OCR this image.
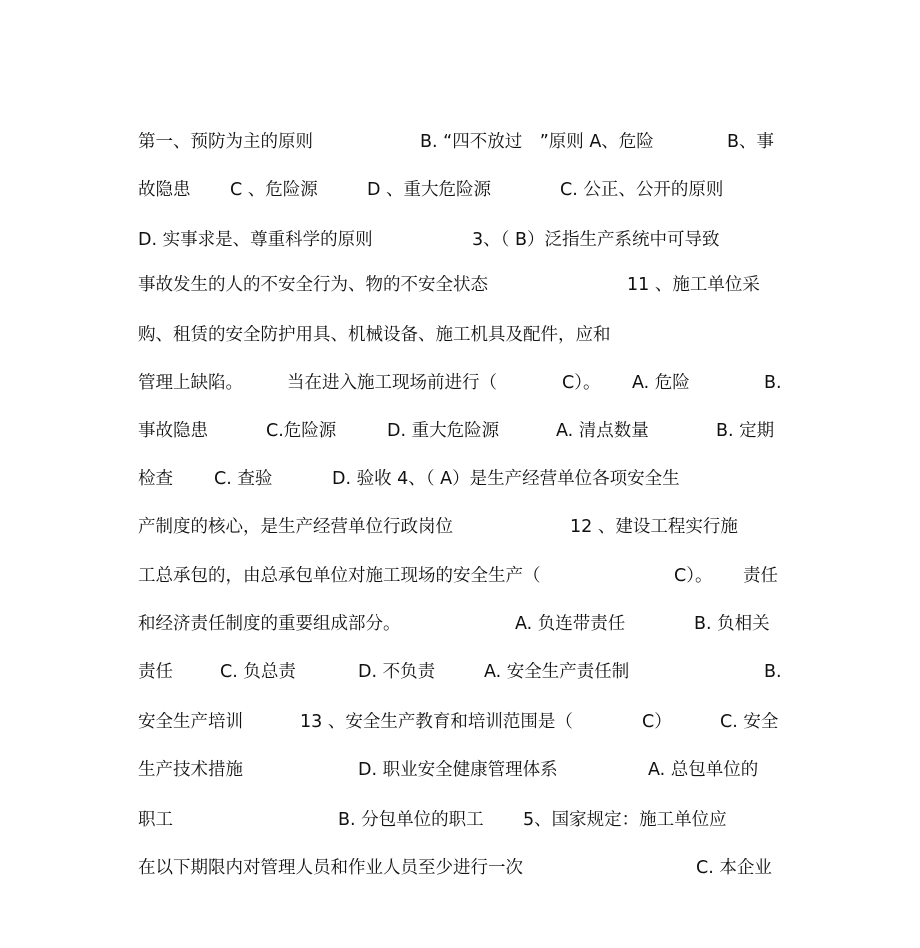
第一、预防为主的原则	B. “四不放过　”原则 A、危险	B、事
故隐患 C 、危险源	D 、重大危险源	C. 公正、公开的原则
D. 实事求是、尊重科学的原则	3、（ B）泛指生产系统中可导致
事故发生的人的不安全行为、物的不安全状态	11 、施工单位采
购、租赁的安全防护用具、机械设备、施工机具及配件，应和
管理上缺陷。	当在进入施工现场前进行（	C）。 A. 危险	B.
事故隐患	C.危险源	D. 重大危险源	A. 清点数量	B. 定期
检查 C. 查验	D. 验收 4、（ A）是生产经营单位各项安全生
产制度的核心，是生产经营单位行政岗位	12 、建设工程实行施
工总承包的，由总承包单位对施工现场的安全生产（	C）。 责任
和经济责任制度的重要组成部分。	A. 负连带责任	B. 负相关
责任	C. 负总责	D. 不负责	A. 安全生产责任制	B.
安全生产培训	13 、安全生产教育和培训范围是（	C）	C. 安全
生产技术措施	D. 职业安全健康管理体系	A. 总包单位的
职工	B. 分包单位的职工 5、国家规定：施工单位应
在以下期限内对管理人员和作业人员至少进行一次	C. 本企业
